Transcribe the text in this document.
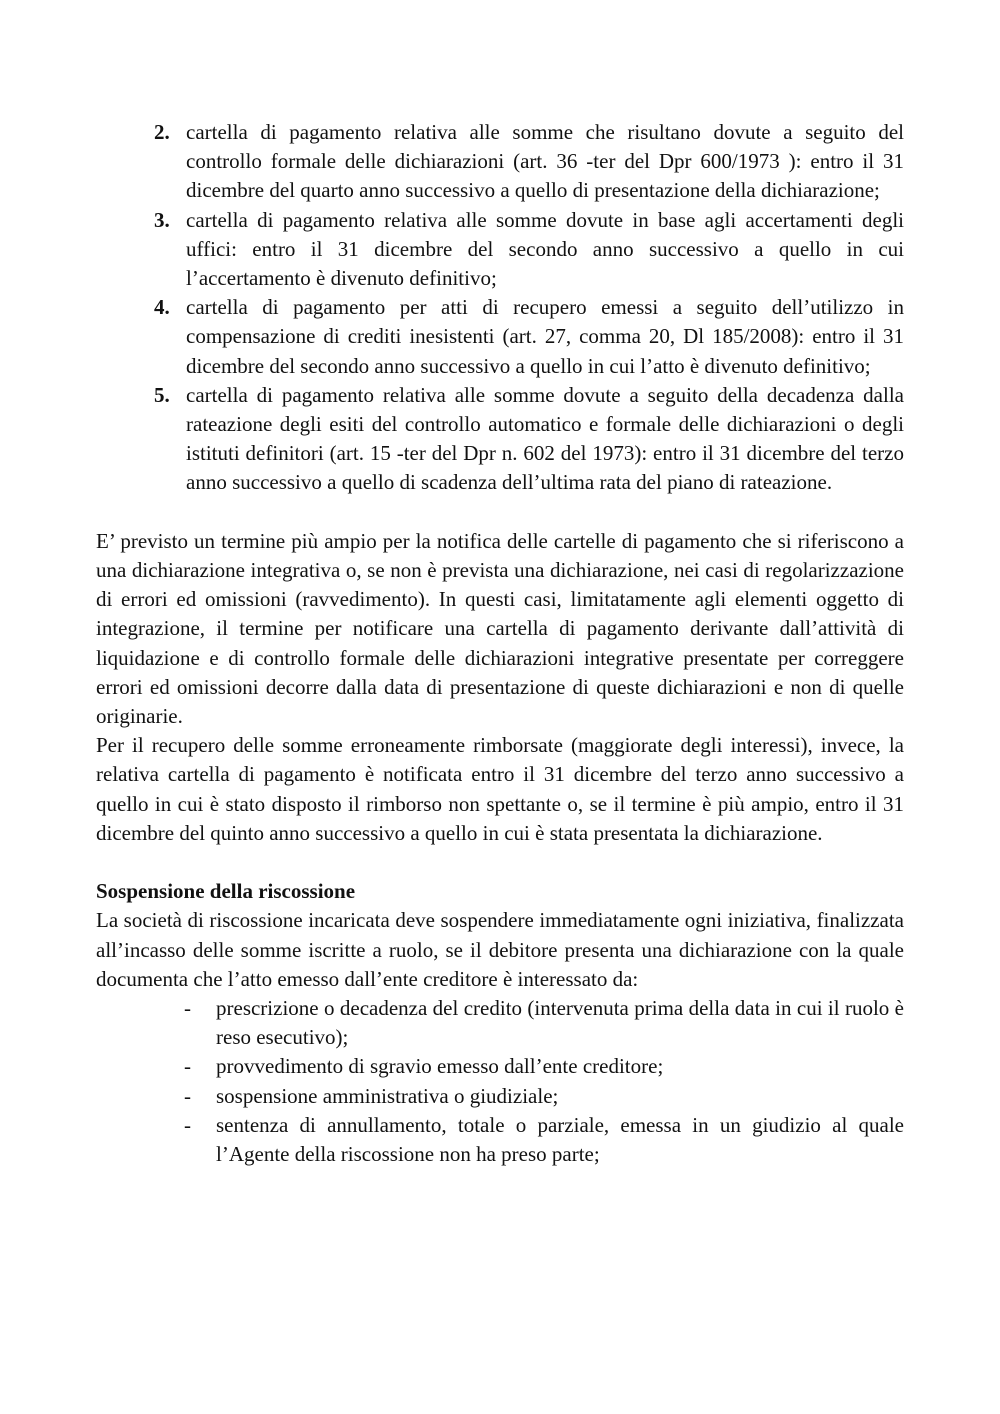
2. cartella di pagamento relativa alle somme che risultano dovute a seguito del controllo formale delle dichiarazioni (art. 36 -ter del Dpr 600/1973 ): entro il 31 dicembre del quarto anno successivo a quello di presentazione della dichiarazione;
3. cartella di pagamento relativa alle somme dovute in base agli accertamenti degli uffici: entro il 31 dicembre del secondo anno successivo a quello in cui l’accertamento è divenuto definitivo;
4. cartella di pagamento per atti di recupero emessi a seguito dell’utilizzo in compensazione di crediti inesistenti (art. 27, comma 20, Dl 185/2008): entro il 31 dicembre del secondo anno successivo a quello in cui l’atto è divenuto definitivo;
5. cartella di pagamento relativa alle somme dovute a seguito della decadenza dalla rateazione degli esiti del controllo automatico e formale delle dichiarazioni o degli istituti definitori (art. 15 -ter del Dpr n. 602 del 1973): entro il 31 dicembre del terzo anno successivo a quello di scadenza dell’ultima rata del piano di rateazione.

E’ previsto un termine più ampio per la notifica delle cartelle di pagamento che si riferiscono a una dichiarazione integrativa o, se non è prevista una dichiarazione, nei casi di regolarizzazione di errori ed omissioni (ravvedimento). In questi casi, limitatamente agli elementi oggetto di integrazione, il termine per notificare una cartella di pagamento derivante dall’attività di liquidazione e di controllo formale delle dichiarazioni integrative presentate per correggere errori ed omissioni decorre dalla data di presentazione di queste dichiarazioni e non di quelle originarie.

Per il recupero delle somme erroneamente rimborsate (maggiorate degli interessi), invece, la relativa cartella di pagamento è notificata entro il 31 dicembre del terzo anno successivo a quello in cui è stato disposto il rimborso non spettante o, se il termine è più ampio, entro il 31 dicembre del quinto anno successivo a quello in cui è stata presentata la dichiarazione.

Sospensione della riscossione

La società di riscossione incaricata deve sospendere immediatamente ogni iniziativa, finalizzata all’incasso delle somme iscritte a ruolo, se il debitore presenta una dichiarazione con la quale documenta che l’atto emesso dall’ente creditore è interessato da:

- prescrizione o decadenza del credito (intervenuta prima della data in cui il ruolo è reso esecutivo);
- provvedimento di sgravio emesso dall’ente creditore;
- sospensione amministrativa o giudiziale;
- sentenza di annullamento, totale o parziale, emessa in un giudizio al quale l’Agente della riscossione non ha preso parte;
